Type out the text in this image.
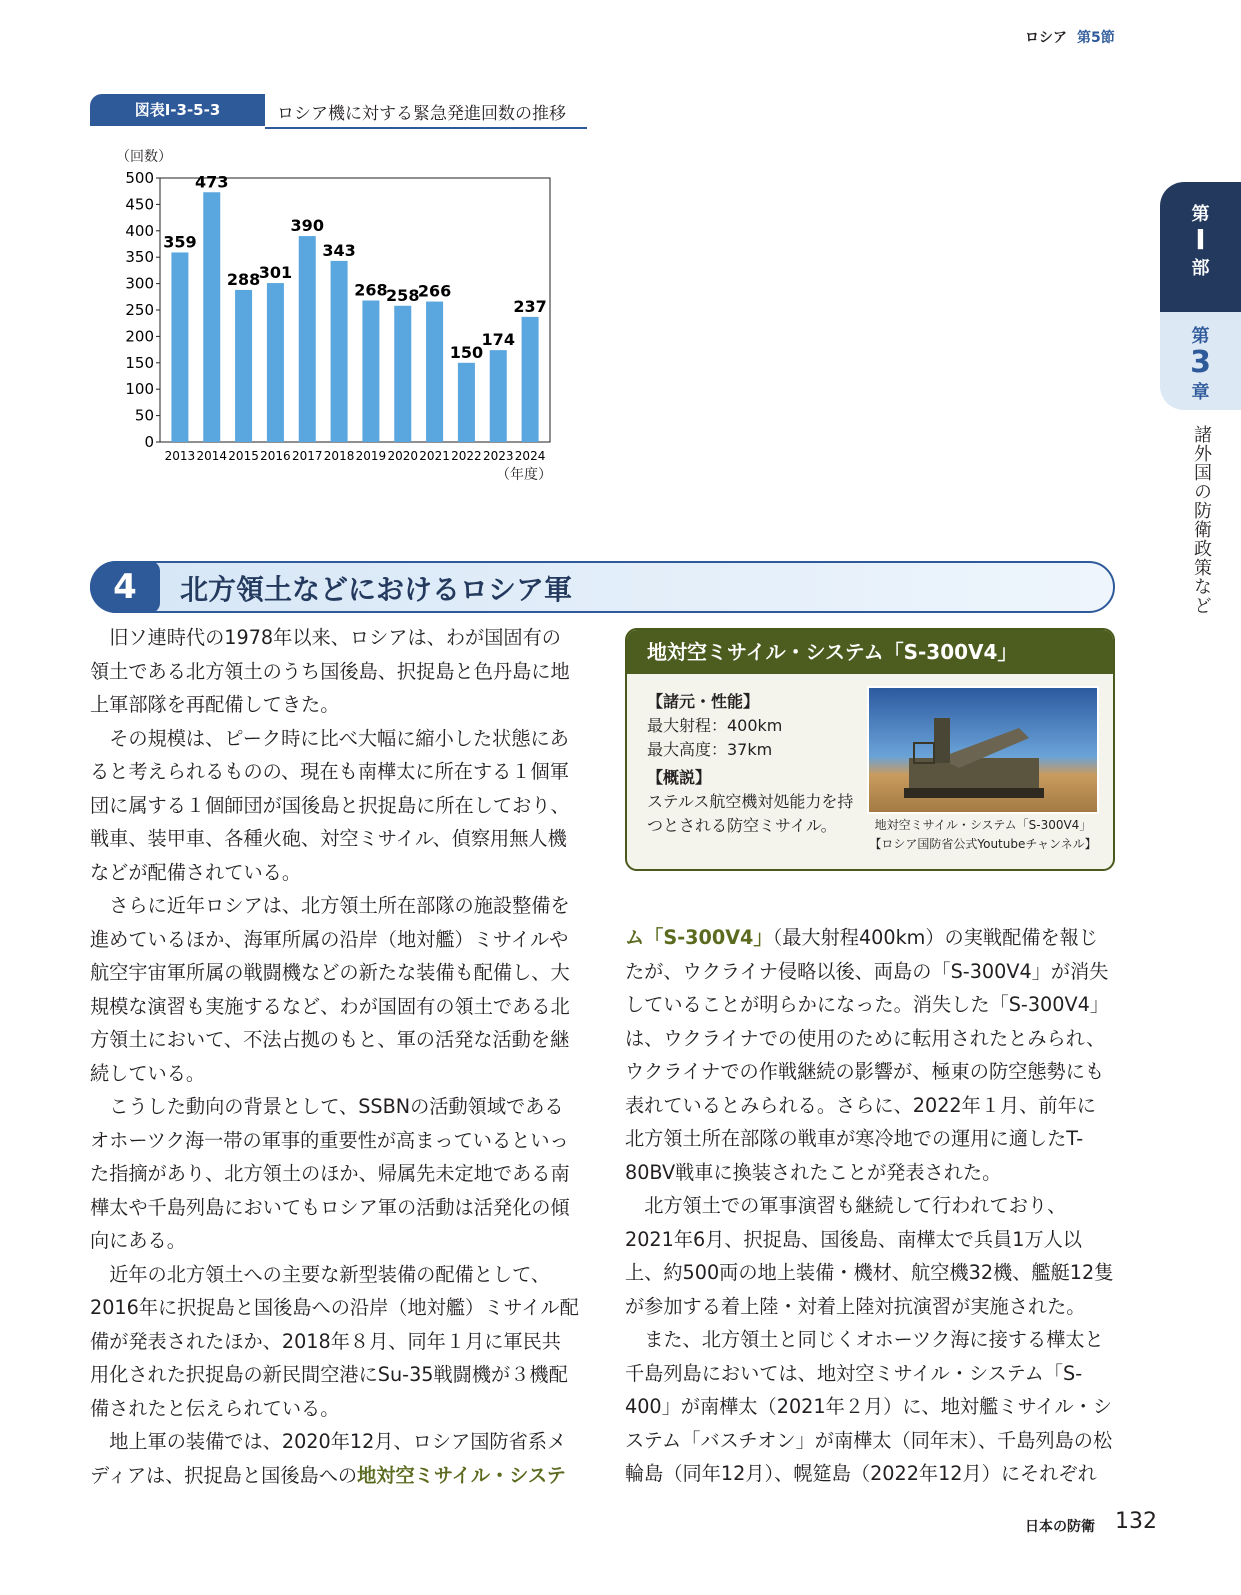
ロシア 第5節
図表Ⅰ-3-5-3	ロシア機に対する緊急発進回数の推移
（回数）
（年度）
0
50
100
150
200
250
300
350
400
450
500
359
2013
473
2014
288
2015
301
2016
390
2017
343
2018
268
2019
258
2020
266
2021
150
2022
174
2023
237
2024
第
Ⅰ
部
第
3
章
諸外国の防衛政策など
4	北方領土などにおけるロシア軍

旧ソ連時代の1978年以来、ロシアは、わが国固有の領土である北方領土のうち国後島、択捉島と色丹島に地上軍部隊を再配備してきた。

その規模は、ピーク時に比べ大幅に縮小した状態にあると考えられるものの、現在も南樺太に所在する１個軍団に属する１個師団が国後島と択捉島に所在しており、戦車、装甲車、各種火砲、対空ミサイル、偵察用無人機などが配備されている。

さらに近年ロシアは、北方領土所在部隊の施設整備を進めているほか、海軍所属の沿岸（地対艦）ミサイルや航空宇宙軍所属の戦闘機などの新たな装備も配備し、大規模な演習も実施するなど、わが国固有の領土である北方領土において、不法占拠のもと、軍の活発な活動を継続している。

こうした動向の背景として、SSBNの活動領域であるオホーツク海一帯の軍事的重要性が高まっているといった指摘があり、北方領土のほか、帰属先未定地である南樺太や千島列島においてもロシア軍の活動は活発化の傾向にある。

近年の北方領土への主要な新型装備の配備として、2016年に択捉島と国後島への沿岸（地対艦）ミサイル配備が発表されたほか、2018年８月、同年１月に軍民共用化された択捉島の新民間空港にSu-35戦闘機が３機配備されたと伝えられている。

地上軍の装備では、2020年12月、ロシア国防省系メディアは、択捉島と国後島への地対空ミサイル・システ

地対空ミサイル・システム「S-300V4」
【諸元・性能】
最大射程：400km
最大高度：37km
【概説】
ステルス航空機対処能力を持つとされる防空ミサイル。	地対空ミサイル・システム「S-300V4」
【ロシア国防省公式Youtubeチャンネル】

ム「S-300V4」（最大射程400km）の実戦配備を報じたが、ウクライナ侵略以後、両島の「S-300V4」が消失していることが明らかになった。消失した「S-300V4」は、ウクライナでの使用のために転用されたとみられ、ウクライナでの作戦継続の影響が、極東の防空態勢にも表れているとみられる。さらに、2022年１月、前年に北方領土所在部隊の戦車が寒冷地での運用に適したT-80BV戦車に換装されたことが発表された。

北方領土での軍事演習も継続して行われており、2021年6月、択捉島、国後島、南樺太で兵員1万人以上、約500両の地上装備・機材、航空機32機、艦艇12隻が参加する着上陸・対着上陸対抗演習が実施された。

また、北方領土と同じくオホーツク海に接する樺太と千島列島においては、地対空ミサイル・システム「S-400」が南樺太（2021年２月）に、地対艦ミサイル・システム「バスチオン」が南樺太（同年末）、千島列島の松輪島（同年12月）、幌筵島（2022年12月）にそれぞれ

日本の防衛 132
